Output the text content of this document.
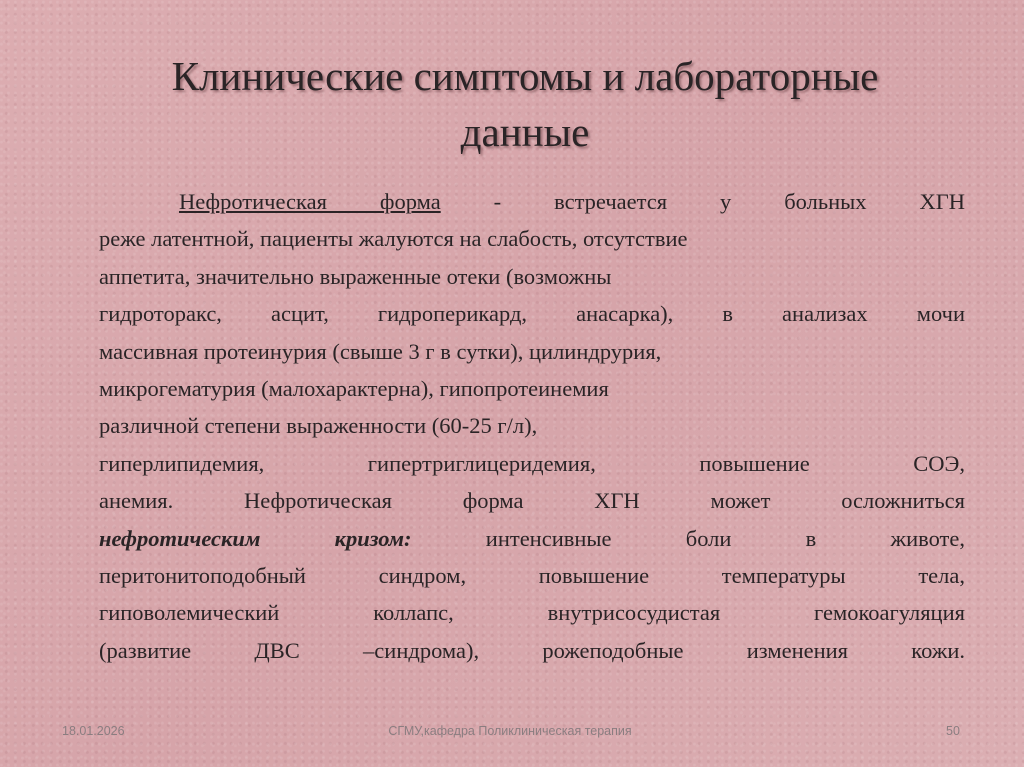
Клинические симптомы и лабораторные
данные
Нефротическая форма - встречается у больных ХГН
реже латентной, пациенты жалуются на слабость, отсутствие
аппетита, значительно выраженные отеки (возможны
гидроторакс, асцит, гидроперикард, анасарка), в анализах мочи
массивная протеинурия (свыше 3 г в сутки), цилиндрурия,
микрогематурия (малохарактерна), гипопротеинемия
различной степени выраженности (60-25 г/л),
гиперлипидемия, гипертриглицеридемия, повышение СОЭ,
анемия. Нефротическая форма ХГН может осложниться
нефротическим кризом: интенсивные боли в животе,
перитонитоподобный синдром, повышение температуры тела,
гиповолемический коллапс, внутрисосудистая гемокоагуляция
(развитие ДВС –синдрома), рожеподобные изменения кожи.
18.01.2026	СГМУ,кафедра Поликлиническая терапия	50
